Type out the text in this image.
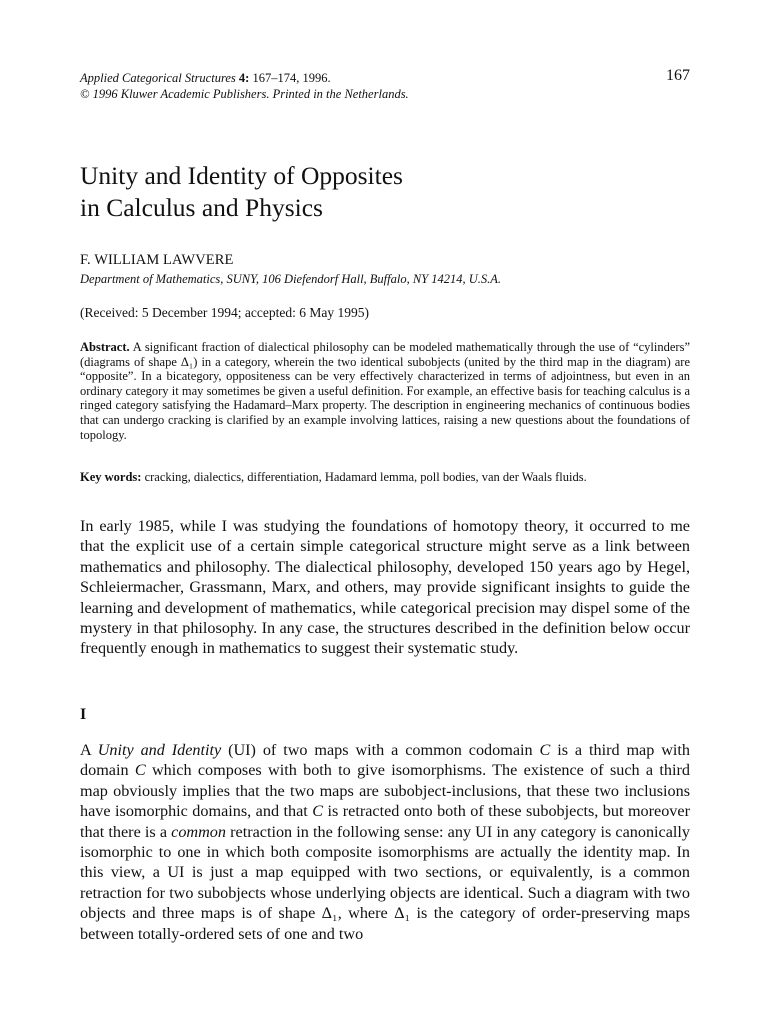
Applied Categorical Structures 4: 167–174, 1996.
© 1996 Kluwer Academic Publishers. Printed in the Netherlands.
167
Unity and Identity of Opposites
in Calculus and Physics
F. WILLIAM LAWVERE
Department of Mathematics, SUNY, 106 Diefendorf Hall, Buffalo, NY 14214, U.S.A.
(Received: 5 December 1994; accepted: 6 May 1995)

Abstract. A significant fraction of dialectical philosophy can be modeled mathematically through the use of “cylinders” (diagrams of shape Δ₁) in a category, wherein the two identical subobjects (united by the third map in the diagram) are “opposite”. In a bicategory, oppositeness can be very effectively characterized in terms of adjointness, but even in an ordinary category it may sometimes be given a useful definition. For example, an effective basis for teaching calculus is a ringed category satisfying the Hadamard–Marx property. The description in engineering mechanics of continuous bodies that can undergo cracking is clarified by an example involving lattices, raising a new questions about the foundations of topology.

Key words: cracking, dialectics, differentiation, Hadamard lemma, poll bodies, van der Waals fluids.

In early 1985, while I was studying the foundations of homotopy theory, it occurred to me that the explicit use of a certain simple categorical structure might serve as a link between mathematics and philosophy. The dialectical philosophy, developed 150 years ago by Hegel, Schleiermacher, Grassmann, Marx, and others, may provide significant insights to guide the learning and development of mathematics, while categorical precision may dispel some of the mystery in that philosophy. In any case, the structures described in the definition below occur frequently enough in mathematics to suggest their systematic study.

I

A Unity and Identity (UI) of two maps with a common codomain C is a third map with domain C which composes with both to give isomorphisms. The existence of such a third map obviously implies that the two maps are subobject-inclusions, that these two inclusions have isomorphic domains, and that C is retracted onto both of these subobjects, but moreover that there is a common retraction in the following sense: any UI in any category is canonically isomorphic to one in which both composite isomorphisms are actually the identity map. In this view, a UI is just a map equipped with two sections, or equivalently, is a common retraction for two subobjects whose underlying objects are identical. Such a diagram with two objects and three maps is of shape Δ₁, where Δ₁ is the category of order-preserving maps between totally-ordered sets of one and two
